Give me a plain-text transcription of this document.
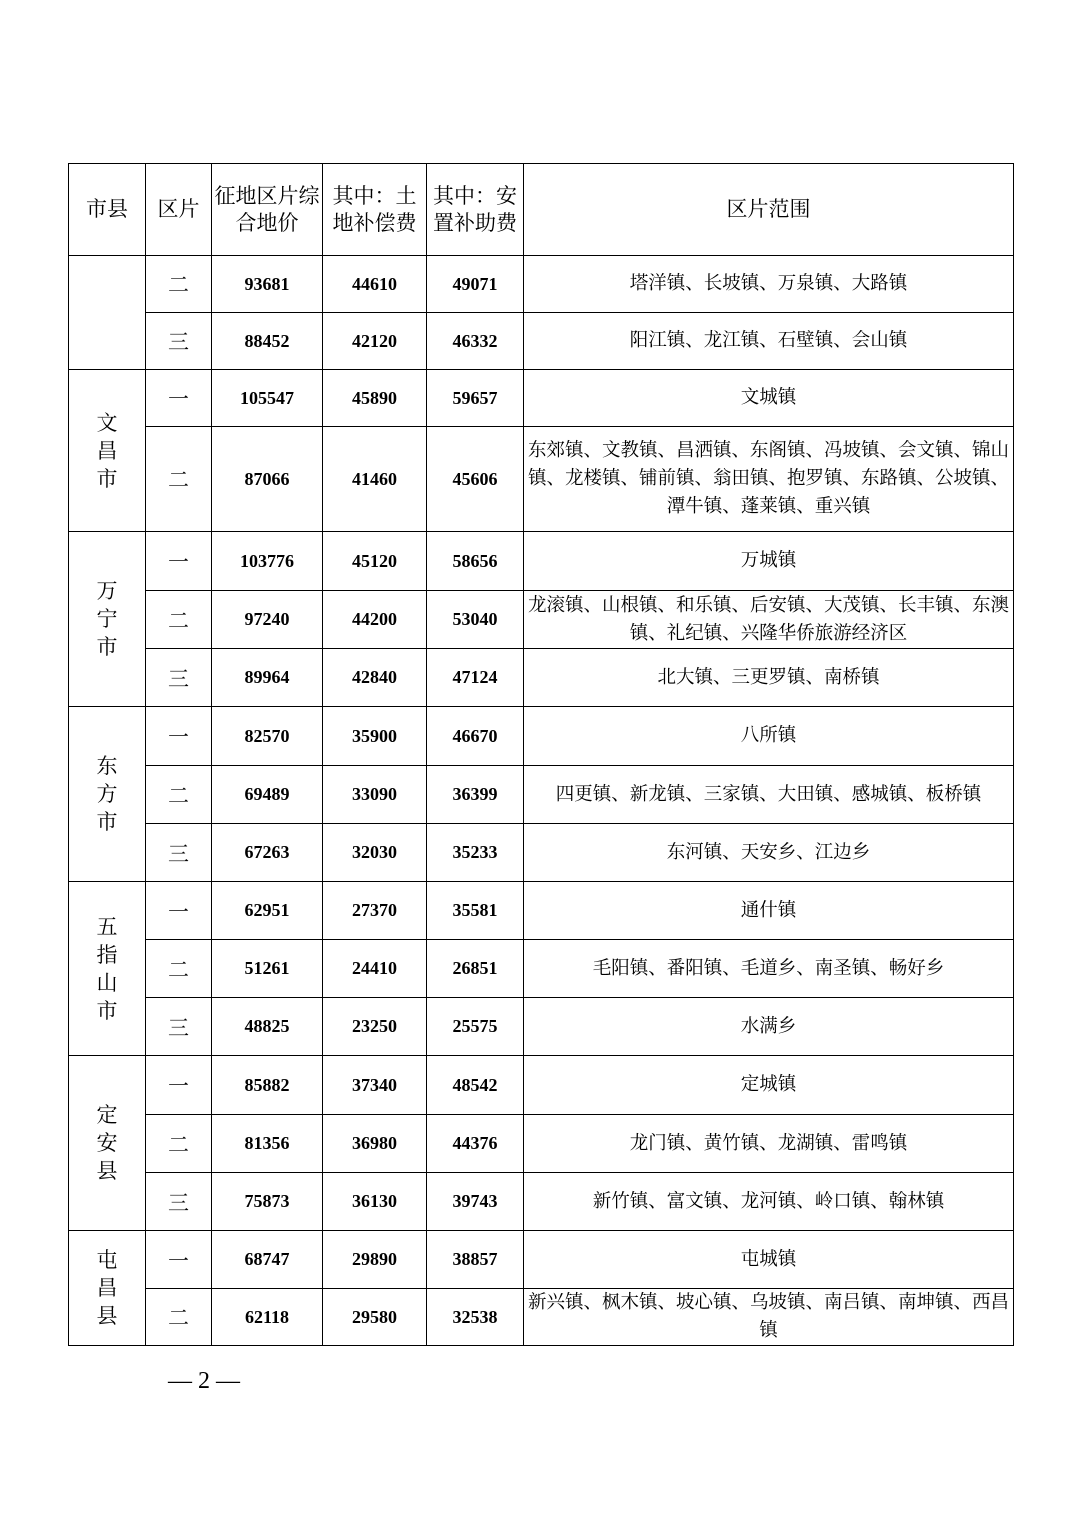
市县	区片	征地区片综合地价	其中：土地补偿费	其中：安置补助费	区片范围
	二	93681	44610	49071	塔洋镇、长坡镇、万泉镇、大路镇
	三	88452	42120	46332	阳江镇、龙江镇、石壁镇、会山镇
文昌市	一	105547	45890	59657	文城镇
	二	87066	41460	45606	东郊镇、文教镇、昌洒镇、东阁镇、冯坡镇、会文镇、锦山镇、龙楼镇、铺前镇、翁田镇、抱罗镇、东路镇、公坡镇、潭牛镇、蓬莱镇、重兴镇
万宁市	一	103776	45120	58656	万城镇
	二	97240	44200	53040	龙滚镇、山根镇、和乐镇、后安镇、大茂镇、长丰镇、东澳镇、礼纪镇、兴隆华侨旅游经济区
	三	89964	42840	47124	北大镇、三更罗镇、南桥镇
东方市	一	82570	35900	46670	八所镇
	二	69489	33090	36399	四更镇、新龙镇、三家镇、大田镇、感城镇、板桥镇
	三	67263	32030	35233	东河镇、天安乡、江边乡
五指山市	一	62951	27370	35581	通什镇
	二	51261	24410	26851	毛阳镇、番阳镇、毛道乡、南圣镇、畅好乡
	三	48825	23250	25575	水满乡
定安县	一	85882	37340	48542	定城镇
	二	81356	36980	44376	龙门镇、黄竹镇、龙湖镇、雷鸣镇
	三	75873	36130	39743	新竹镇、富文镇、龙河镇、岭口镇、翰林镇
屯昌县	一	68747	29890	38857	屯城镇
	二	62118	29580	32538	新兴镇、枫木镇、坡心镇、乌坡镇、南吕镇、南坤镇、西昌镇
— 2 —
